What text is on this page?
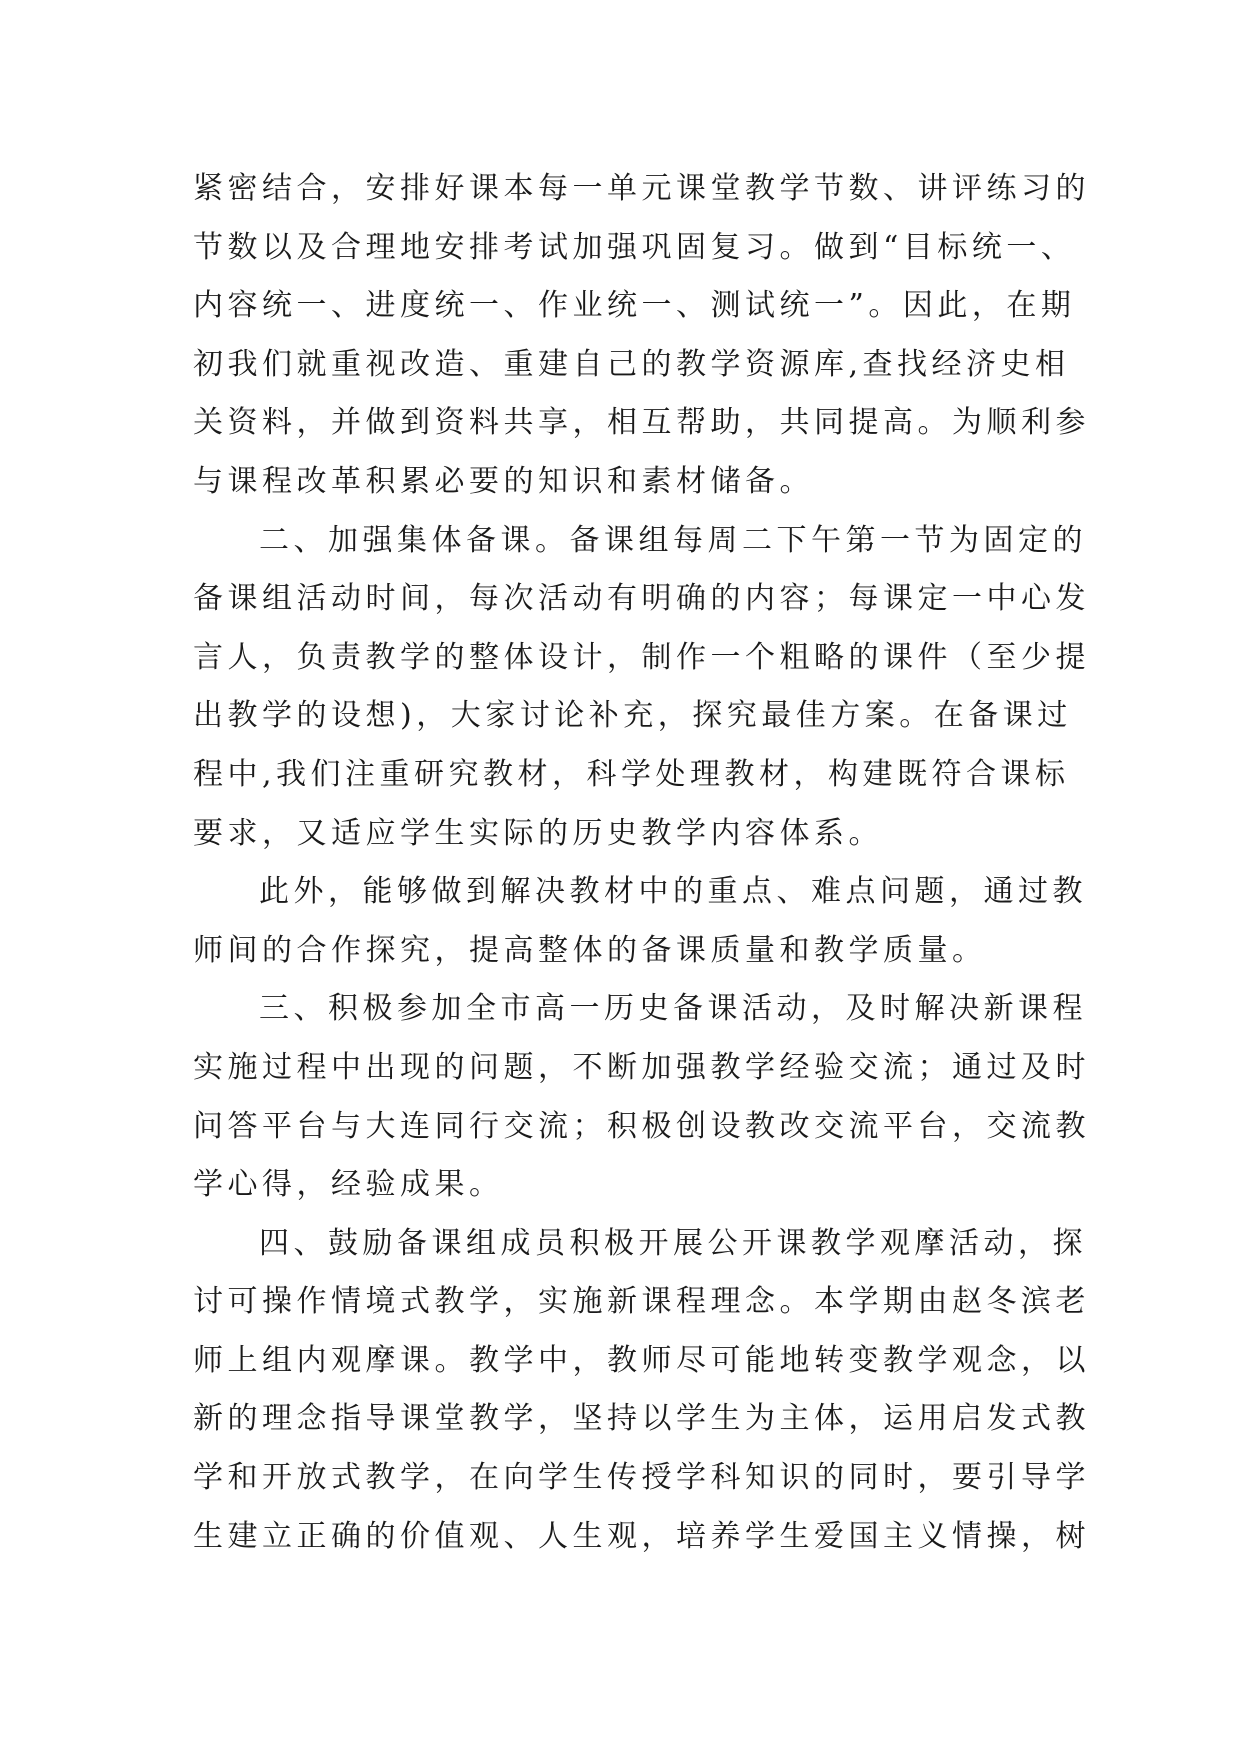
紧密结合，安排好课本每一单元课堂教学节数、讲评练习的
节数以及合理地安排考试加强巩固复习。做到“目标统一、
内容统一、进度统一、作业统一、测试统一”。因此，在期
初我们就重视改造、重建自己的教学资源库,查找经济史相
关资料，并做到资料共享，相互帮助，共同提高。为顺利参
与课程改革积累必要的知识和素材储备。
二、加强集体备课。备课组每周二下午第一节为固定的
备课组活动时间，每次活动有明确的内容；每课定一中心发
言人，负责教学的整体设计，制作一个粗略的课件（至少提
出教学的设想)，大家讨论补充，探究最佳方案。在备课过
程中,我们注重研究教材，科学处理教材，构建既符合课标
要求，又适应学生实际的历史教学内容体系。
此外，能够做到解决教材中的重点、难点问题，通过教
师间的合作探究，提高整体的备课质量和教学质量。
三、积极参加全市高一历史备课活动，及时解决新课程
实施过程中出现的问题，不断加强教学经验交流；通过及时
问答平台与大连同行交流；积极创设教改交流平台，交流教
学心得，经验成果。
四、鼓励备课组成员积极开展公开课教学观摩活动，探
讨可操作情境式教学，实施新课程理念。本学期由赵冬滨老
师上组内观摩课。教学中，教师尽可能地转变教学观念，以
新的理念指导课堂教学，坚持以学生为主体，运用启发式教
学和开放式教学，在向学生传授学科知识的同时，要引导学
生建立正确的价值观、人生观，培养学生爱国主义情操，树
